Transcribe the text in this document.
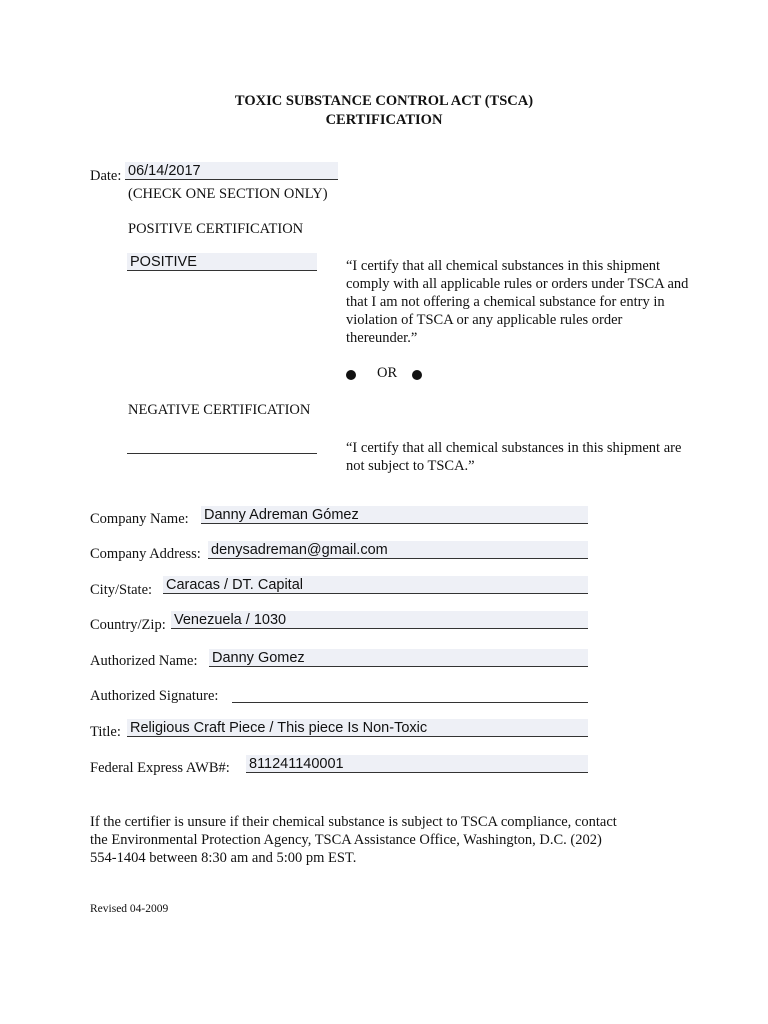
TOXIC SUBSTANCE CONTROL ACT (TSCA)
CERTIFICATION
Date: 06/14/2017
(CHECK ONE SECTION ONLY)
POSITIVE CERTIFICATION
POSITIVE	“I certify that all chemical substances in this shipment comply with all applicable rules or orders under TSCA and that I am not offering a chemical substance for entry in violation of TSCA or any applicable rules order thereunder.”
OR
NEGATIVE CERTIFICATION
“I certify that all chemical substances in this shipment are not subject to TSCA.”
Company Name: Danny Adreman Gómez
Company Address: denysadreman@gmail.com
City/State: Caracas / DT. Capital
Country/Zip: Venezuela / 1030
Authorized Name: Danny Gomez
Authorized Signature:
Title: Religious Craft Piece / This piece Is Non-Toxic
Federal Express AWB#: 811241140001
If the certifier is unsure if their chemical substance is subject to TSCA compliance, contact the Environmental Protection Agency, TSCA Assistance Office, Washington, D.C. (202) 554-1404 between 8:30 am and 5:00 pm EST.
Revised 04-2009
